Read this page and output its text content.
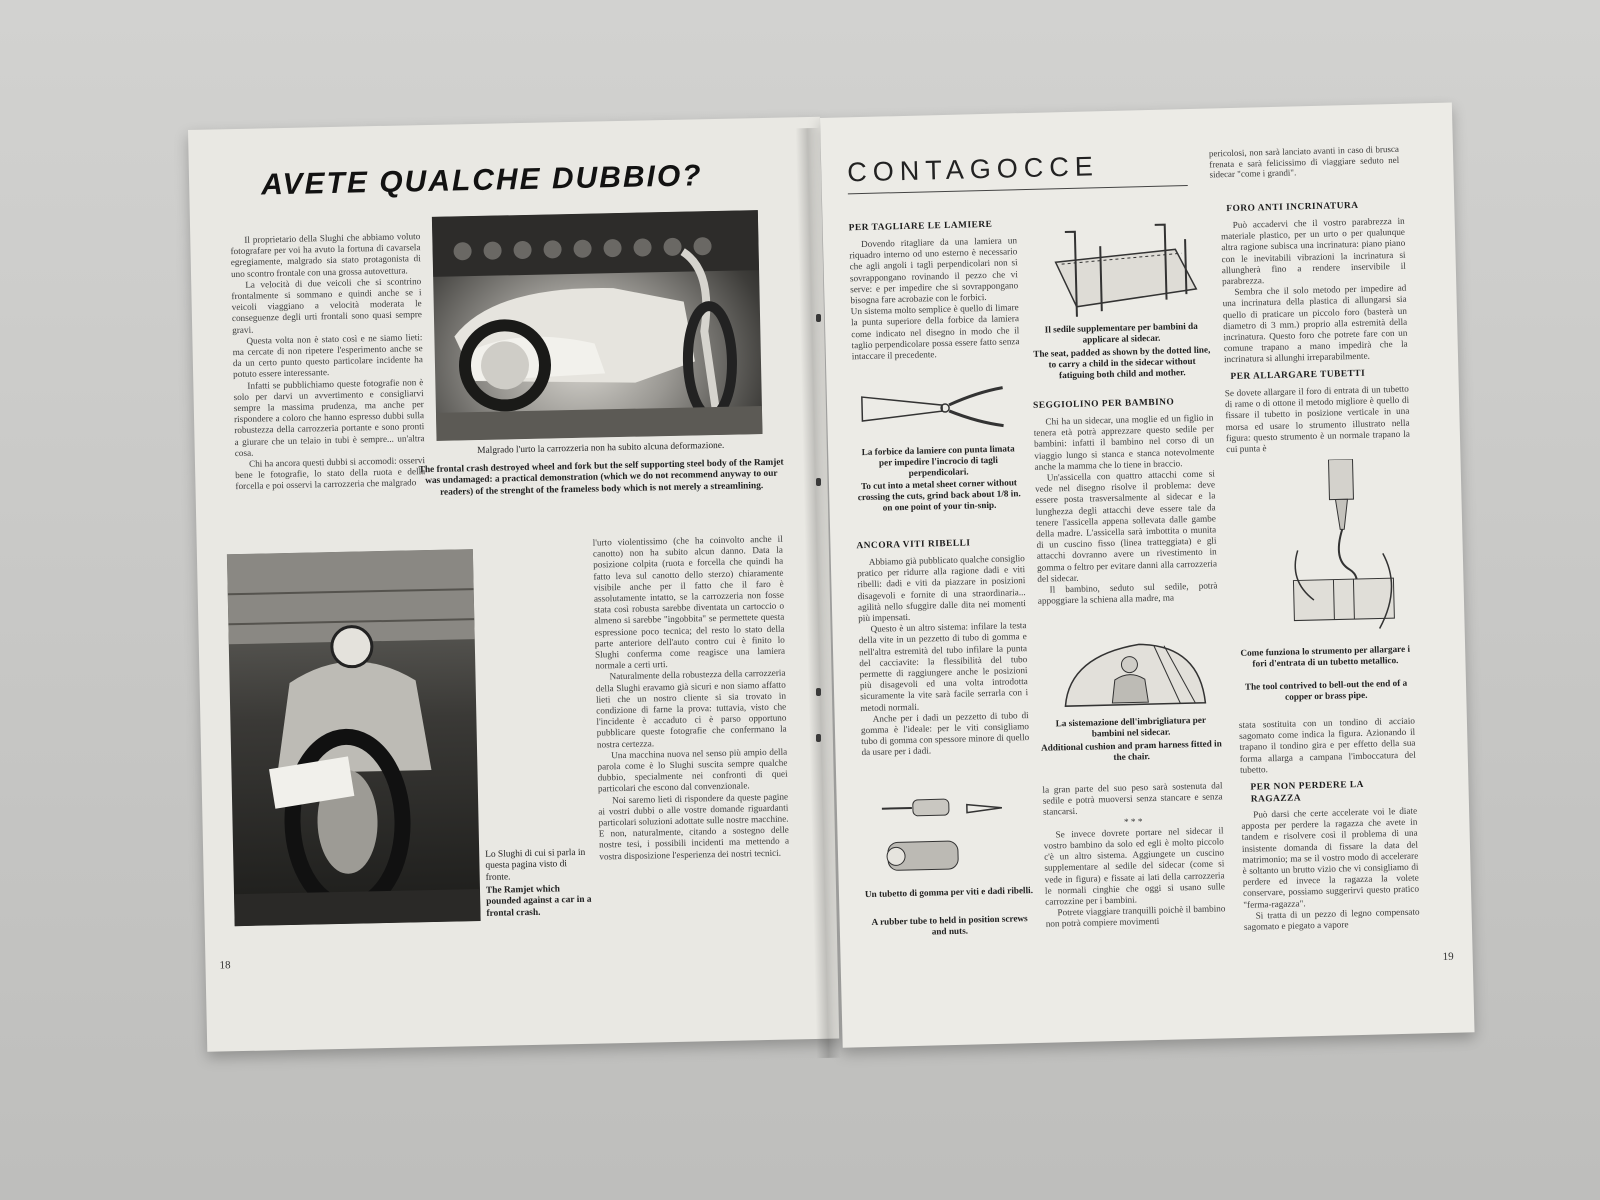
AVETE QUALCHE DUBBIO?

Il proprietario della Slughi che abbiamo voluto fotografare per voi ha avuto la fortuna di cavarsela egregiamente, malgrado sia stato protagonista di uno scontro frontale con una grossa autovettura.

La velocità di due veicoli che si scontrino frontalmente si sommano e quindi anche se i veicoli viaggiano a velocità moderata le conseguenze degli urti frontali sono quasi sempre gravi.

Questa volta non è stato così e ne siamo lieti: ma cercate di non ripetere l'esperimento anche se da un certo punto questo particolare incidente ha potuto essere interessante.

Infatti se pubblichiamo queste fotografie non è solo per darvi un avvertimento e consigliarvi sempre la massima prudenza, ma anche per rispondere a coloro che hanno espresso dubbi sulla robustezza della carrozzeria portante e sono pronti a giurare che un telaio in tubi è sempre... un'altra cosa.

Chi ha ancora questi dubbi si accomodi: osservi bene le fotografie, lo stato della ruota e della forcella e poi osservi la carrozzeria che malgrado

Malgrado l'urto la carrozzeria non ha subito alcuna deformazione.
The frontal crash destroyed wheel and fork but the self supporting steel body of the Ramjet was undamaged: a practical demonstration (which we do not recommend anyway to our readers) of the strenght of the frameless body which is not merely a streamlining.

l'urto violentissimo (che ha coinvolto anche il canotto) non ha subito alcun danno. Data la posizione colpita (ruota e forcella che quindi ha fatto leva sul canotto dello sterzo) chiaramente visibile anche per il fatto che il faro è assolutamente intatto, se la carrozzeria non fosse stata così robusta sarebbe diventata un cartoccio o almeno si sarebbe "ingobbita" se permettete questa espressione poco tecnica; del resto lo stato della parte anteriore dell'auto contro cui è finito lo Slughi conferma come reagisce una lamiera normale a certi urti.

Naturalmente della robustezza della carrozzeria della Slughi eravamo già sicuri e non siamo affatto lieti che un nostro cliente si sia trovato in condizione di farne la prova: tuttavia, visto che l'incidente è accaduto ci è parso opportuno pubblicare queste fotografie che confermano la nostra certezza.

Una macchina nuova nel senso più ampio della parola come è lo Slughi suscita sempre qualche dubbio, specialmente nei confronti di quei particolari che escono dal convenzionale.

Noi saremo lieti di rispondere da queste pagine ai vostri dubbi o alle vostre domande riguardanti particolari soluzioni adottate sulle nostre macchine. E non, naturalmente, citando a sostegno delle nostre tesi, i possibili incidenti ma mettendo a vostra disposizione l'esperienza dei nostri tecnici.

Lo Slughi di cui si parla in questa pagina visto di fronte.
The Ramjet which pounded against a car in a frontal crash.
18
CONTAGOCCE
pericolosi, non sarà lanciato avanti in caso di brusca frenata e sarà felicissimo di viaggiare seduto nel sidecar "come i grandi".
PER TAGLIARE LE LAMIERE

Dovendo ritagliare da una lamiera un riquadro interno od uno esterno è necessario che agli angoli i tagli perpendicolari non si sovrappongano rovinando il pezzo che vi serve: e per impedire che si sovrappongano bisogna fare acrobazie con le forbici.

Un sistema molto semplice è quello di limare la punta superiore della forbice da lamiera come indicato nel disegno in modo che il taglio perpendicolare possa essere fatto senza intaccare il precedente.

La forbice da lamiere con punta limata per impedire l'incrocio di tagli perpendicolari.
To cut into a metal sheet corner without crossing the cuts, grind back about 1/8 in. on one point of your tin-snip.
ANCORA VITI RIBELLI

Abbiamo già pubblicato qualche consiglio pratico per ridurre alla ragione dadi e viti ribelli: dadi e viti da piazzare in posizioni disagevoli e fornite di una straordinaria... agilità nello sfuggire dalle dita nei momenti più impensati.

Questo è un altro sistema: infilare la testa della vite in un pezzetto di tubo di gomma e nell'altra estremità del tubo infilare la punta del cacciavite: la flessibilità del tubo permette di raggiungere anche le posizioni più disagevoli ed una volta introdotta sicuramente la vite sarà facile serrarla con i metodi normali.

Anche per i dadi un pezzetto di tubo di gomma è l'ideale: per le viti consigliamo tubo di gomma con spessore minore di quello da usare per i dadi.

Un tubetto di gomma per viti e dadi ribelli.
A rubber tube to held in position screws and nuts.
Il sedile supplementare per bambini da applicare al sidecar.
The seat, padded as shown by the dotted line, to carry a child in the sidecar without fatiguing both child and mother.
SEGGIOLINO PER BAMBINO

Chi ha un sidecar, una moglie ed un figlio in tenera età potrà apprezzare questo sedile per bambini: infatti il bambino nel corso di un viaggio lungo si stanca e stanca notevolmente anche la mamma che lo tiene in braccio.

Un'assicella con quattro attacchi come si vede nel disegno risolve il problema: deve essere posta trasversalmente al sidecar e la lunghezza degli attacchi deve essere tale da tenere l'assicella appena sollevata dalle gambe della madre. L'assicella sarà imbottita o munita di un cuscino fisso (linea tratteggiata) e gli attacchi dovranno avere un rivestimento in gomma o feltro per evitare danni alla carrozzeria del sidecar.

Il bambino, seduto sul sedile, potrà appoggiare la schiena alla madre, ma

La sistemazione dell'imbrigliatura per bambini nel sidecar.
Additional cushion and pram harness fitted in the chair.

la gran parte del suo peso sarà sostenuta dal sedile e potrà muoversi senza stancare e senza stancarsi.

* * *

Se invece dovrete portare nel sidecar il vostro bambino da solo ed egli è molto piccolo c'è un altro sistema. Aggiungete un cuscino supplementare al sedile del sidecar (come si vede in figura) e fissate ai lati della carrozzeria le normali cinghie che oggi si usano sulle carrozzine per i bambini.

Potrete viaggiare tranquilli poichè il bambino non potrà compiere movimenti

FORO ANTI INCRINATURA

Può accadervi che il vostro parabrezza in materiale plastico, per un urto o per qualunque altra ragione subisca una incrinatura: piano piano con le inevitabili vibrazioni la incrinatura si allungherà fino a rendere inservibile il parabrezza.

Sembra che il solo metodo per impedire ad una incrinatura della plastica di allungarsi sia quello di praticare un piccolo foro (basterà un diametro di 3 mm.) proprio alla estremità della incrinatura. Questo foro che potrete fare con un comune trapano a mano impedirà che la incrinatura si allunghi irreparabilmente.

PER ALLARGARE TUBETTI
Se dovete allargare il foro di entrata di un tubetto di rame o di ottone il metodo migliore è quello di fissare il tubetto in posizione verticale in una morsa ed usare lo strumento illustrato nella figura: questo strumento è un normale trapano la cui punta è
Come funziona lo strumento per allargare i fori d'entrata di un tubetto metallico.
The tool contrived to bell-out the end of a copper or brass pipe.
stata sostituita con un tondino di acciaio sagomato come indica la figura. Azionando il trapano il tondino gira e per effetto della sua forma allarga a campana l'imboccatura del tubetto.
PER NON PERDERE LA RAGAZZA

Può darsi che certe accelerate voi le diate apposta per perdere la ragazza che avete in tandem e risolvere così il problema di una insistente domanda di fissare la data del matrimonio; ma se il vostro modo di accelerare è soltanto un brutto vizio che vi consigliamo di perdere ed invece la ragazza la volete conservare, possiamo suggerirvi questo pratico "ferma-ragazza".

Si tratta di un pezzo di legno compensato sagomato e piegato a vapore

19
